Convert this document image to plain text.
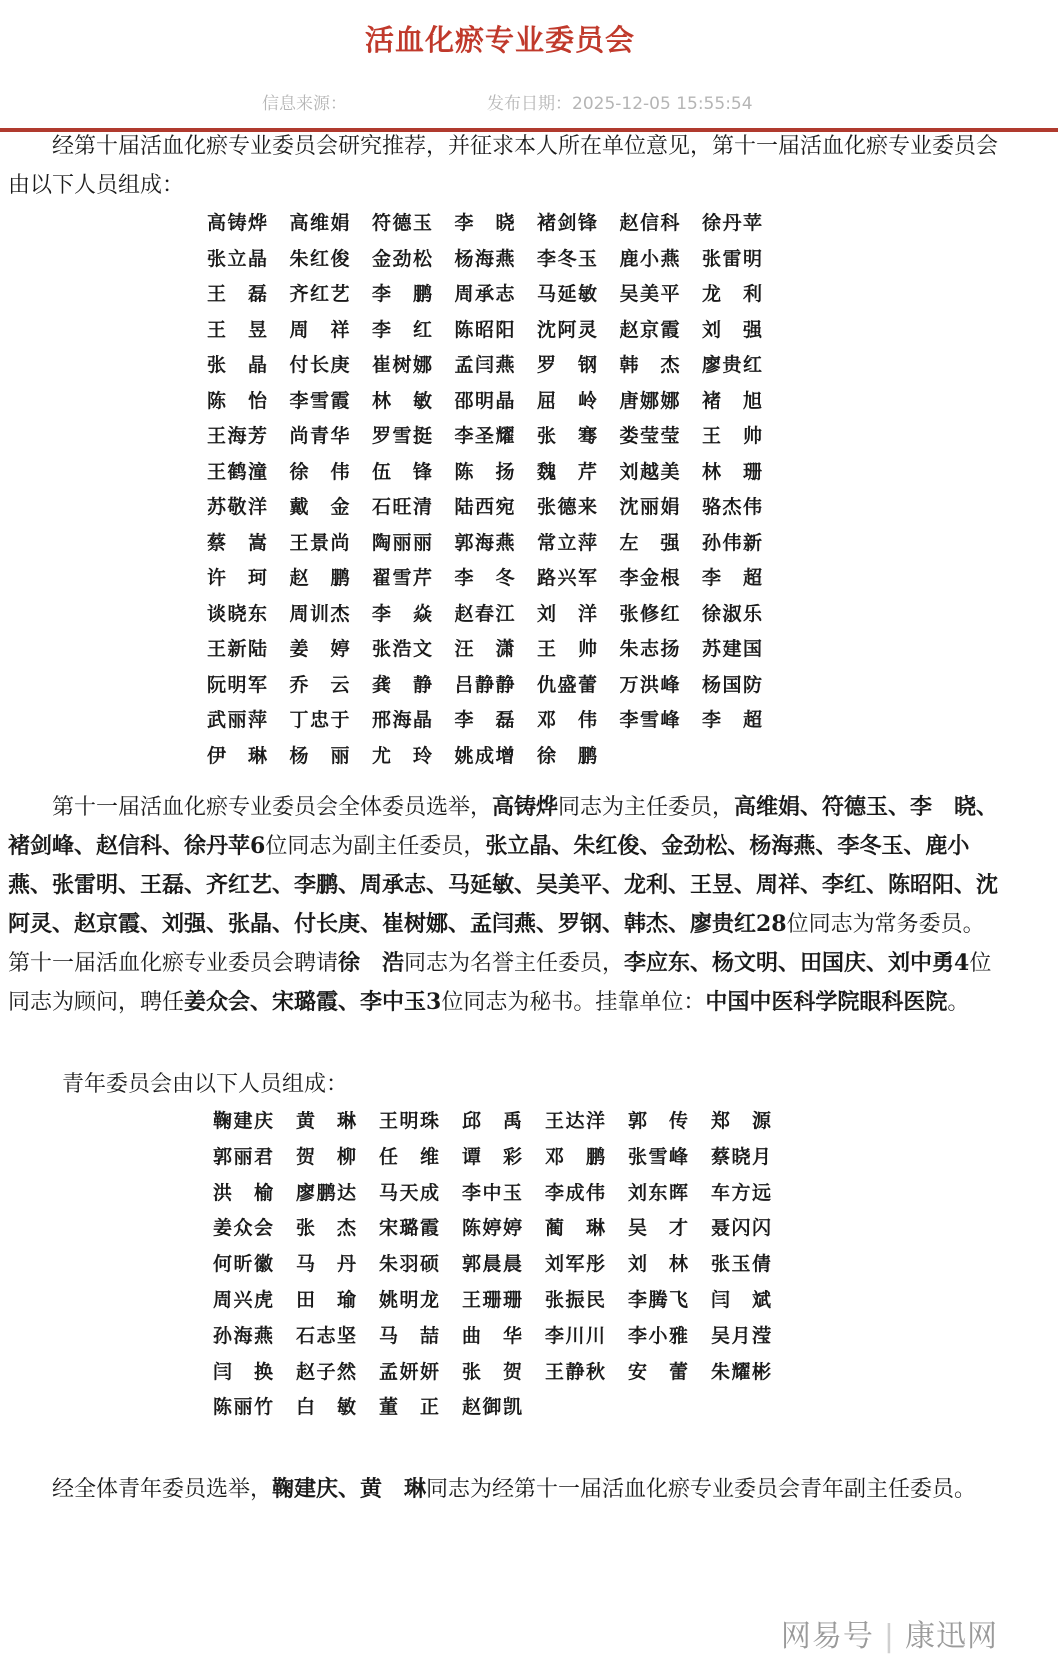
活血化瘀专业委员会
信息来源：	发布日期：2025-12-05 15:55:54

经第十届活血化瘀专业委员会研究推荐，并征求本人所在单位意见，第十一届活血化瘀专业委员会由以下人员组成：

高铸烨 高维娟 符德玉 李 晓 褚剑锋 赵信科 徐丹苹
张立晶 朱红俊 金劲松 杨海燕 李冬玉 鹿小燕 张雷明
王 磊 齐红艺 李 鹏 周承志 马延敏 吴美平 龙 利
王 昱 周 祥 李 红 陈昭阳 沈阿灵 赵京霞 刘 强
张 晶 付长庚 崔树娜 孟闫燕 罗 钢 韩 杰 廖贵红
陈 怡 李雪霞 林 敏 邵明晶 屈 岭 唐娜娜 褚 旭
王海芳 尚青华 罗雪挺 李圣耀 张 骞 娄莹莹 王 帅
王鹤潼 徐 伟 伍 锋 陈 扬 魏 芹 刘越美 林 珊
苏敬洋 戴 金 石旺清 陆西宛 张德来 沈丽娟 骆杰伟
蔡 嵩 王景尚 陶丽丽 郭海燕 常立萍 左 强 孙伟新
许 珂 赵 鹏 翟雪芹 李 冬 路兴军 李金根 李 超
谈晓东 周训杰 李 焱 赵春江 刘 洋 张修红 徐淑乐
王新陆 姜 婷 张浩文 汪 潇 王 帅 朱志扬 苏建国
阮明军 乔 云 龚 静 吕静静 仇盛蕾 万洪峰 杨国防
武丽萍 丁忠于 邢海晶 李 磊 邓 伟 李雪峰 李 超
伊 琳 杨 丽 尤 玲 姚成增 徐 鹏

第十一届活血化瘀专业委员会全体委员选举，高铸烨同志为主任委员，高维娟、符德玉、李　晓、褚剑峰、赵信科、徐丹苹6位同志为副主任委员，张立晶、朱红俊、金劲松、杨海燕、李冬玉、鹿小燕、张雷明、王磊、齐红艺、李鹏、周承志、马延敏、吴美平、龙利、王昱、周祥、李红、陈昭阳、沈阿灵、赵京霞、刘强、张晶、付长庚、崔树娜、孟闫燕、罗钢、韩杰、廖贵红28位同志为常务委员。第十一届活血化瘀专业委员会聘请徐　浩同志为名誉主任委员，李应东、杨文明、田国庆、刘中勇4位同志为顾问，聘任姜众会、宋璐霞、李中玉3位同志为秘书。挂靠单位：中国中医科学院眼科医院。

青年委员会由以下人员组成：
鞠建庆 黄 琳 王明珠 邱 禹 王达洋 郭 传 郑 源
郭丽君 贺 柳 任 维 谭 彩 邓 鹏 张雪峰 蔡晓月
洪 榆 廖鹏达 马天成 李中玉 李成伟 刘东晖 车方远
姜众会 张 杰 宋璐霞 陈婷婷 蔺 琳 吴 才 聂闪闪
何昕徽 马 丹 朱羽硕 郭晨晨 刘军彤 刘 林 张玉倩
周兴虎 田 瑜 姚明龙 王珊珊 张振民 李腾飞 闫 斌
孙海燕 石志坚 马 喆 曲 华 李川川 李小雅 吴月滢
闫 换 赵子然 孟妍妍 张 贺 王静秋 安 蕾 朱耀彬
陈丽竹 白 敏 董 正 赵御凯

经全体青年委员选举，鞠建庆、黄　琳同志为经第十一届活血化瘀专业委员会青年副主任委员。

网易号 | 康迅网
